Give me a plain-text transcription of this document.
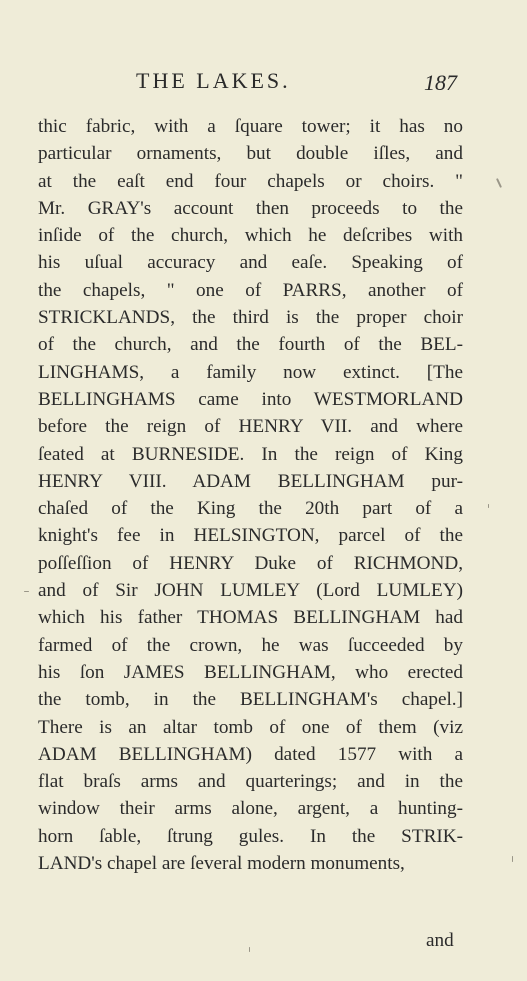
THE LAKES.	187
thic fabric, with a ſquare tower; it has no
particular ornaments, but double iſles, and
at the eaſt end four chapels or choirs. "
Mr. GRAY's account then proceeds to the
inſide of the church, which he deſcribes with
his uſual accuracy and eaſe. Speaking of
the chapels, " one of PARRS, another of
STRICKLANDS, the third is the proper choir
of the church, and the fourth of the BEL-
LINGHAMS, a family now extinct. [The
BELLINGHAMS came into WESTMORLAND
before the reign of HENRY VII. and where
ſeated at BURNESIDE. In the reign of King
HENRY VIII. ADAM BELLINGHAM pur-
chaſed of the King the 20th part of a
knight's fee in HELSINGTON, parcel of the
poſſeſſion of HENRY Duke of RICHMOND,
and of Sir JOHN LUMLEY (Lord LUMLEY)
which his father THOMAS BELLINGHAM had
farmed of the crown, he was ſucceeded by
his ſon JAMES BELLINGHAM, who erected
the tomb, in the BELLINGHAM's chapel.]
There is an altar tomb of one of them (viz
ADAM BELLINGHAM) dated 1577 with a
flat braſs arms and quarterings; and in the
window their arms alone, argent, a hunting-
horn ſable, ſtrung gules. In the STRIK-
LAND's chapel are ſeveral modern monuments,
and
